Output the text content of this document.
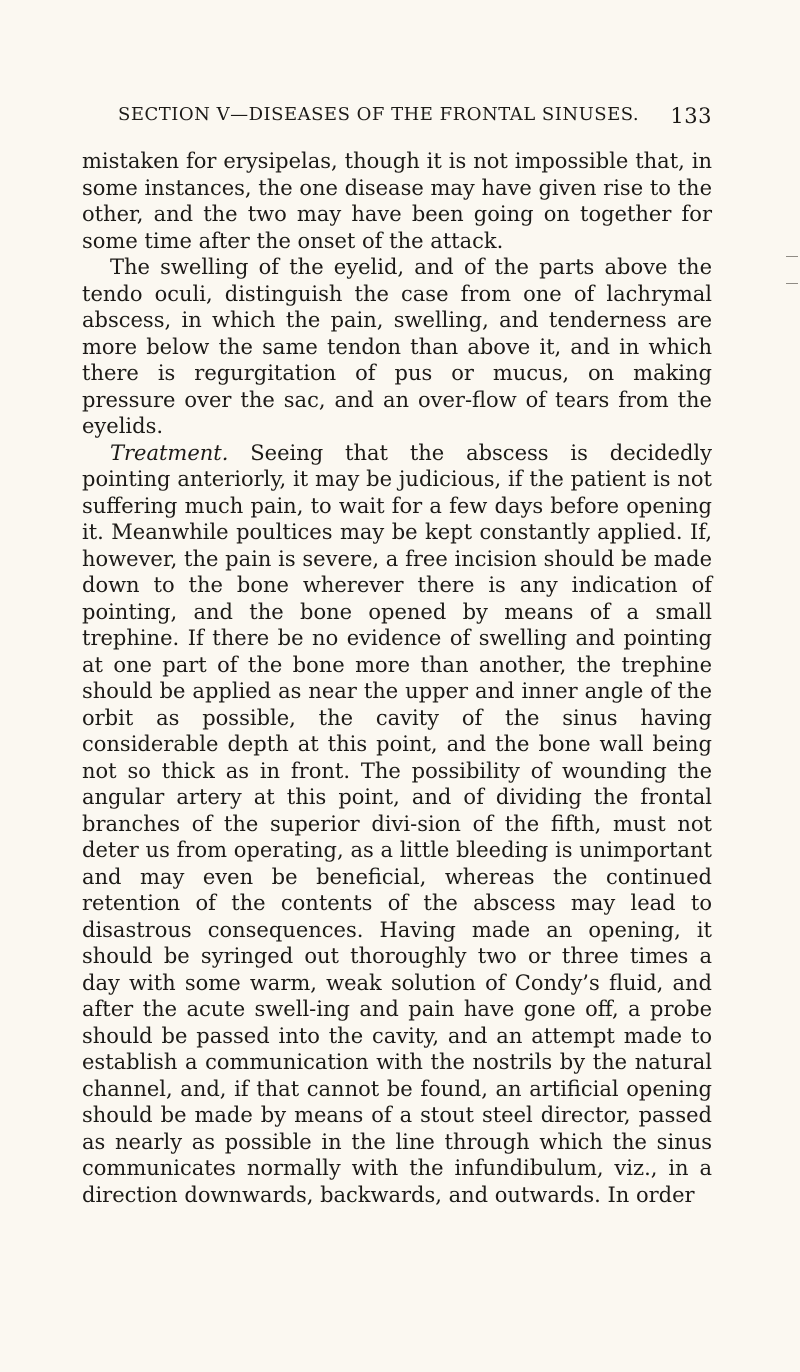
SECTION V—DISEASES OF THE FRONTAL SINUSES. 133

mistaken for erysipelas, though it is not impossible that, in some instances, the one disease may have given rise to the other, and the two may have been going on together for some time after the onset of the attack.

The swelling of the eyelid, and of the parts above the tendo oculi, distinguish the case from one of lachrymal abscess, in which the pain, swelling, and tenderness are more below the same tendon than above it, and in which there is regurgitation of pus or mucus, on making pressure over the sac, and an over-flow of tears from the eyelids.

Treatment. Seeing that the abscess is decidedly pointing anteriorly, it may be judicious, if the patient is not suffering much pain, to wait for a few days before opening it. Meanwhile poultices may be kept constantly applied. If, however, the pain is severe, a free incision should be made down to the bone wherever there is any indication of pointing, and the bone opened by means of a small trephine. If there be no evidence of swelling and pointing at one part of the bone more than another, the trephine should be applied as near the upper and inner angle of the orbit as possible, the cavity of the sinus having considerable depth at this point, and the bone wall being not so thick as in front. The possibility of wounding the angular artery at this point, and of dividing the frontal branches of the superior divi-sion of the fifth, must not deter us from operating, as a little bleeding is unimportant and may even be beneficial, whereas the continued retention of the contents of the abscess may lead to disastrous consequences. Having made an opening, it should be syringed out thoroughly two or three times a day with some warm, weak solution of Condy’s fluid, and after the acute swell-ing and pain have gone off, a probe should be passed into the cavity, and an attempt made to establish a communication with the nostrils by the natural channel, and, if that cannot be found, an artificial opening should be made by means of a stout steel director, passed as nearly as possible in the line through which the sinus communicates normally with the infundibulum, viz., in a direction downwards, backwards, and outwards. In order
